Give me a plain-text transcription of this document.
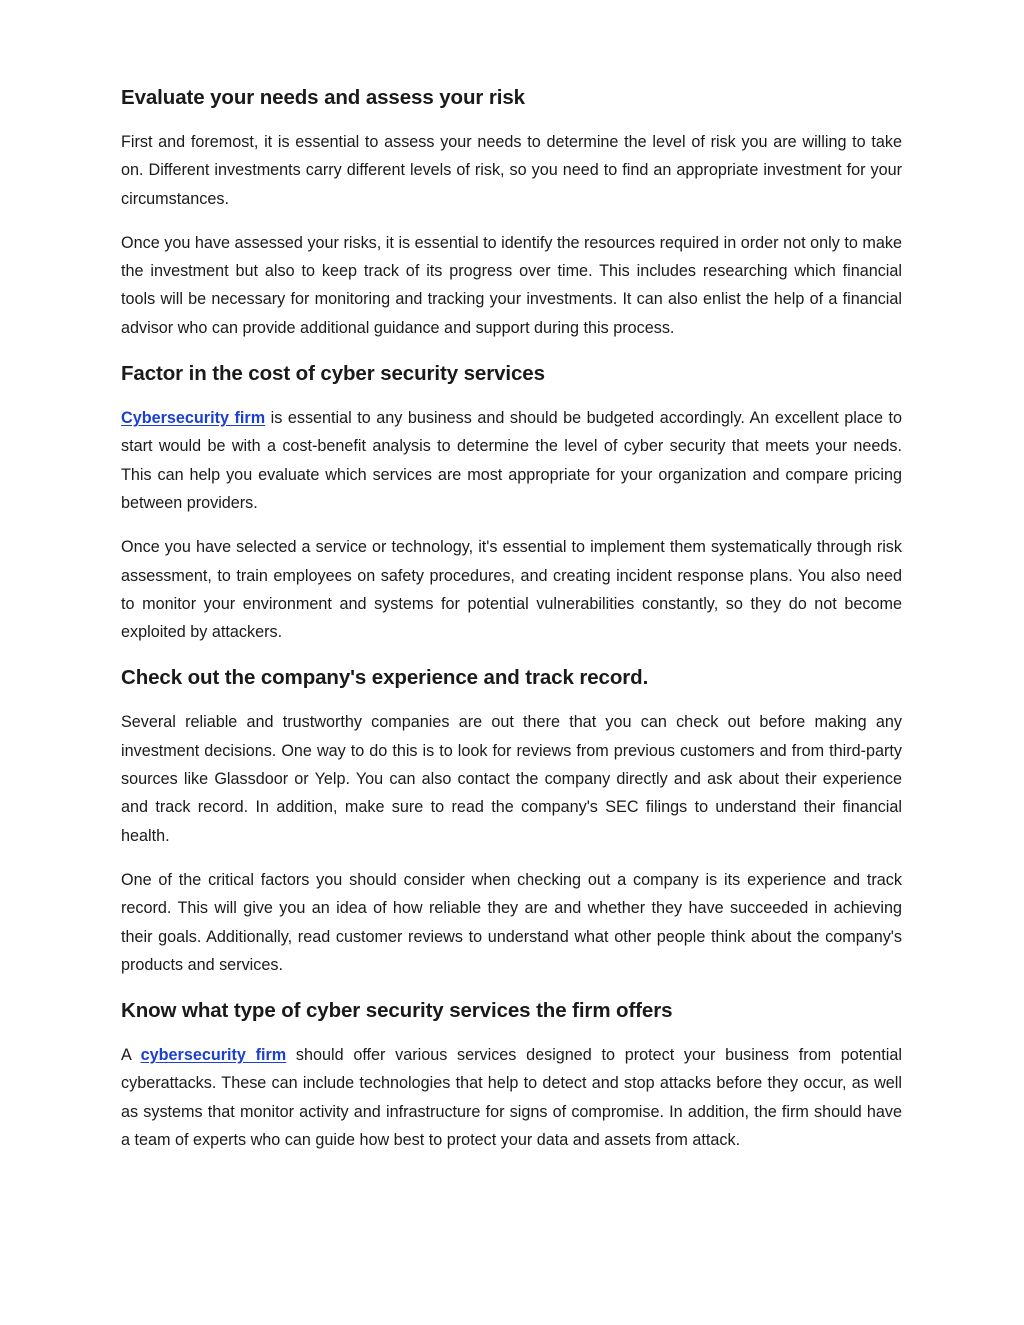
Evaluate your needs and assess your risk

First and foremost, it is essential to assess your needs to determine the level of risk you are willing to take on. Different investments carry different levels of risk, so you need to find an appropriate investment for your circumstances.

Once you have assessed your risks, it is essential to identify the resources required in order not only to make the investment but also to keep track of its progress over time. This includes researching which financial tools will be necessary for monitoring and tracking your investments. It can also enlist the help of a financial advisor who can provide additional guidance and support during this process.

Factor in the cost of cyber security services

Cybersecurity firm is essential to any business and should be budgeted accordingly. An excellent place to start would be with a cost-benefit analysis to determine the level of cyber security that meets your needs. This can help you evaluate which services are most appropriate for your organization and compare pricing between providers.

Once you have selected a service or technology, it's essential to implement them systematically through risk assessment, to train employees on safety procedures, and creating incident response plans. You also need to monitor your environment and systems for potential vulnerabilities constantly, so they do not become exploited by attackers.

Check out the company's experience and track record.

Several reliable and trustworthy companies are out there that you can check out before making any investment decisions. One way to do this is to look for reviews from previous customers and from third-party sources like Glassdoor or Yelp. You can also contact the company directly and ask about their experience and track record. In addition, make sure to read the company's SEC filings to understand their financial health.

One of the critical factors you should consider when checking out a company is its experience and track record. This will give you an idea of how reliable they are and whether they have succeeded in achieving their goals. Additionally, read customer reviews to understand what other people think about the company's products and services.

Know what type of cyber security services the firm offers

A cybersecurity firm should offer various services designed to protect your business from potential cyberattacks. These can include technologies that help to detect and stop attacks before they occur, as well as systems that monitor activity and infrastructure for signs of compromise. In addition, the firm should have a team of experts who can guide how best to protect your data and assets from attack.
